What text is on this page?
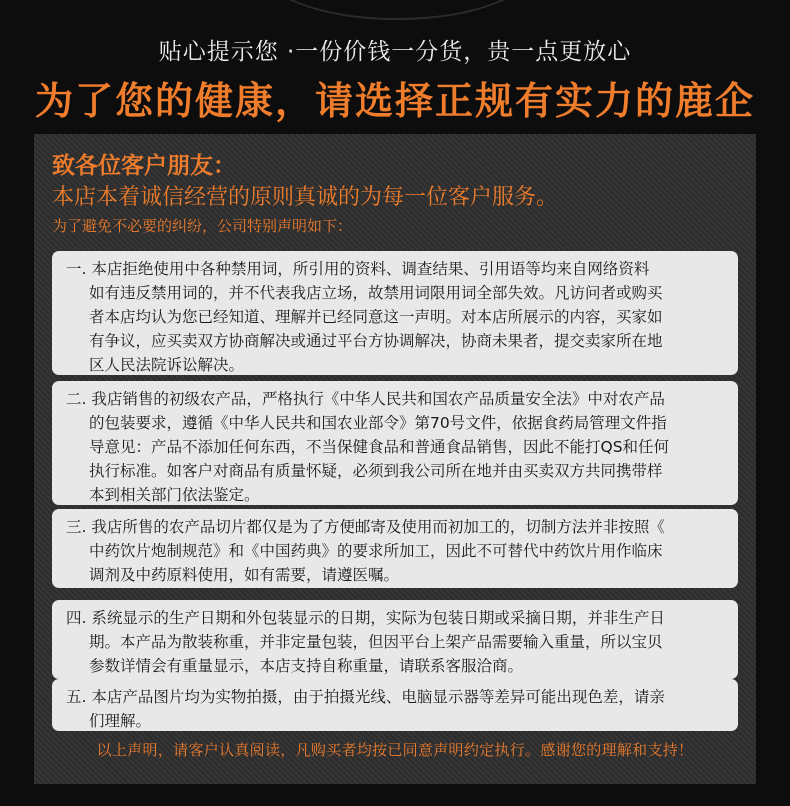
贴心提示您 ·一份价钱一分货，贵一点更放心
为了您的健康，请选择正规有实力的鹿企
致各位客户朋友：
本店本着诚信经营的原则真诚的为每一位客户服务。
为了避免不必要的纠纷，公司特别声明如下：
一. 本店拒绝使用中各种禁用词，所引用的资料、调查结果、引用语等均来自网络资料
如有违反禁用词的，并不代表我店立场，故禁用词限用词全部失效。凡访问者或购买
者本店均认为您已经知道、理解并已经同意这一声明。对本店所展示的内容，买家如
有争议，应买卖双方协商解决或通过平台方协调解决，协商未果者，提交卖家所在地
区人民法院诉讼解决。
二. 我店销售的初级农产品，严格执行《中华人民共和国农产品质量安全法》中对农产品
的包装要求，遵循《中华人民共和国农业部令》第70号文件，依据食药局管理文件指
导意见：产品不添加任何东西，不当保健食品和普通食品销售，因此不能打QS和任何
执行标准。如客户对商品有质量怀疑，必须到我公司所在地并由买卖双方共同携带样
本到相关部门依法鉴定。
三. 我店所售的农产品切片都仅是为了方便邮寄及使用而初加工的，切制方法并非按照《
中药饮片炮制规范》和《中国药典》的要求所加工，因此不可替代中药饮片用作临床
调剂及中药原料使用，如有需要，请遵医嘱。
四. 系统显示的生产日期和外包装显示的日期，实际为包装日期或采摘日期，并非生产日
期。本产品为散装称重，并非定量包装，但因平台上架产品需要输入重量，所以宝贝
参数详情会有重量显示，本店支持自称重量，请联系客服洽商。
五. 本店产品图片均为实物拍摄，由于拍摄光线、电脑显示器等差异可能出现色差，请亲
们理解。
以上声明，请客户认真阅读，凡购买者均按已同意声明约定执行。感谢您的理解和支持！
